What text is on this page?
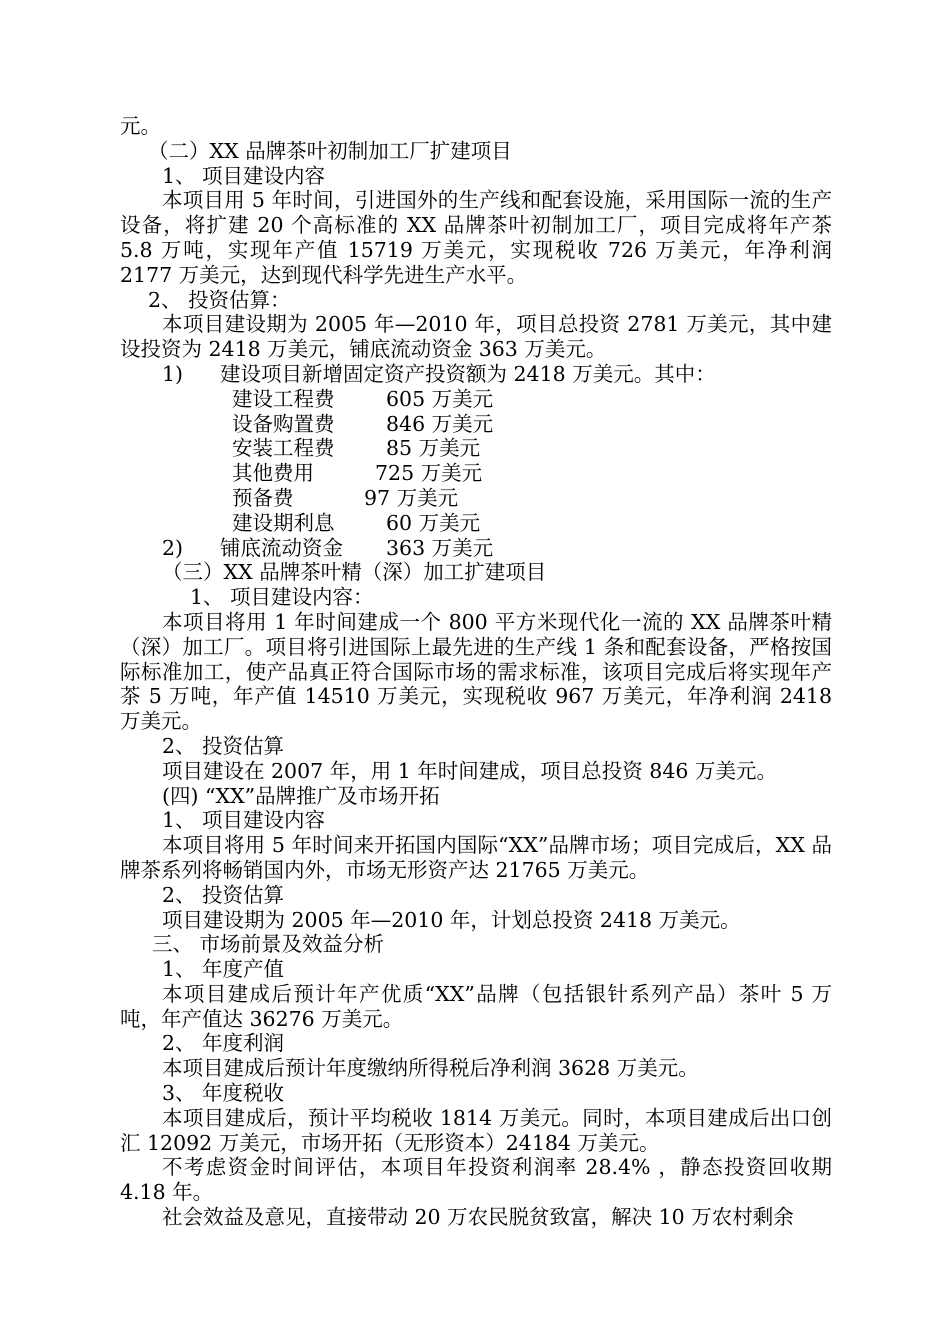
元。
（二）XX 品牌茶叶初制加工厂扩建项目
1、 项目建设内容
本项目用 5 年时间，引进国外的生产线和配套设施，采用国际一流的生产设备，将扩建 20 个高标准的 XX 品牌茶叶初制加工厂，项目完成将年产茶 5.8 万吨，实现年产值 15719 万美元，实现税收 726 万美元，年净利润 2177 万美元，达到现代科学先进生产水平。
2、 投资估算：
本项目建设期为 2005 年—2010 年，项目总投资 2781 万美元，其中建设投资为 2418 万美元，铺底流动资金 363 万美元。
1)	建设项目新增固定资产投资额为 2418 万美元。其中：
建设工程费	605 万美元
设备购置费	846 万美元
安装工程费	85 万美元
其他费用	725 万美元
预备费	97 万美元
建设期利息	60 万美元
2)	铺底流动资金	363 万美元
（三）XX 品牌茶叶精（深）加工扩建项目
1、 项目建设内容：
本项目将用 1 年时间建成一个 800 平方米现代化一流的 XX 品牌茶叶精（深）加工厂。项目将引进国际上最先进的生产线 1 条和配套设备，严格按国际标准加工，使产品真正符合国际市场的需求标准，该项目完成后将实现年产茶 5 万吨，年产值 14510 万美元，实现税收 967 万美元，年净利润 2418 万美元。
2、 投资估算
项目建设在 2007 年，用 1 年时间建成，项目总投资 846 万美元。
(四) “XX”品牌推广及市场开拓
1、 项目建设内容
本项目将用 5 年时间来开拓国内国际“XX”品牌市场；项目完成后，XX 品牌茶系列将畅销国内外，市场无形资产达 21765 万美元。
2、 投资估算
项目建设期为 2005 年—2010 年，计划总投资 2418 万美元。
三、 市场前景及效益分析
1、 年度产值
本项目建成后预计年产优质“XX”品牌（包括银针系列产品）茶叶 5 万吨，年产值达 36276 万美元。
2、 年度利润
本项目建成后预计年度缴纳所得税后净利润 3628 万美元。
3、 年度税收
本项目建成后，预计平均税收 1814 万美元。同时，本项目建成后出口创汇 12092 万美元，市场开拓（无形资本）24184 万美元。
不考虑资金时间评估，本项目年投资利润率 28.4% ，静态投资回收期 4.18 年。
社会效益及意见，直接带动 20 万农民脱贫致富，解决 10 万农村剩余
